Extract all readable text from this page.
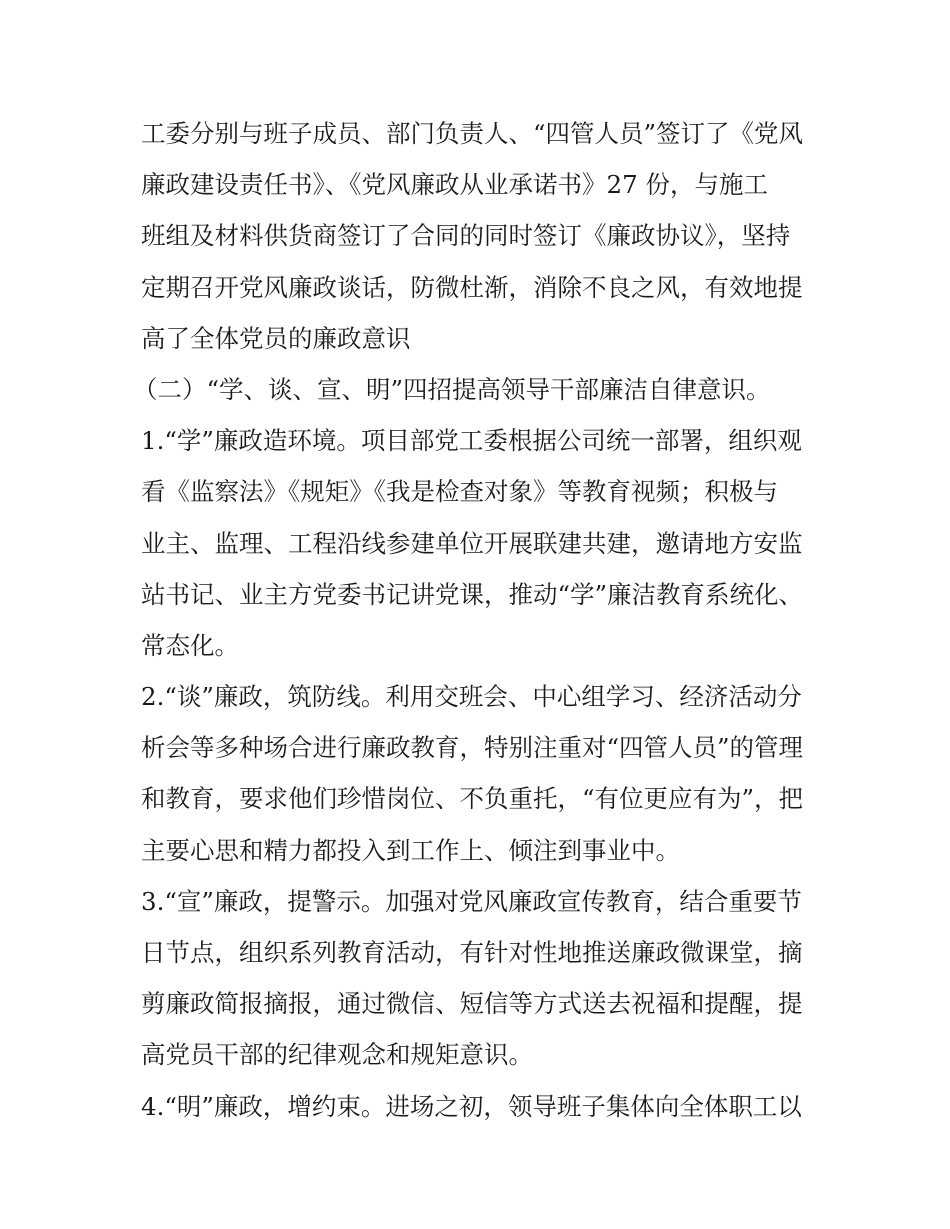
工委分别与班子成员、部门负责人、“四管人员”签订了《党风
廉政建设责任书》、《党风廉政从业承诺书》27 份，与施工
班组及材料供货商签订了合同的同时签订《廉政协议》，坚持
定期召开党风廉政谈话，防微杜渐，消除不良之风，有效地提
高了全体党员的廉政意识
（二）“学、谈、宣、明”四招提高领导干部廉洁自律意识。
1.“学”廉政造环境。项目部党工委根据公司统一部署，组织观
看《监察法》《规矩》《我是检查对象》等教育视频；积极与
业主、监理、工程沿线参建单位开展联建共建，邀请地方安监
站书记、业主方党委书记讲党课，推动“学”廉洁教育系统化、
常态化。
2.“谈”廉政，筑防线。利用交班会、中心组学习、经济活动分
析会等多种场合进行廉政教育，特别注重对“四管人员”的管理
和教育，要求他们珍惜岗位、不负重托，“有位更应有为”，把
主要心思和精力都投入到工作上、倾注到事业中。
3.“宣”廉政，提警示。加强对党风廉政宣传教育，结合重要节
日节点，组织系列教育活动，有针对性地推送廉政微课堂，摘
剪廉政简报摘报，通过微信、短信等方式送去祝福和提醒，提
高党员干部的纪律观念和规矩意识。
4.“明”廉政，增约束。进场之初，领导班子集体向全体职工以
